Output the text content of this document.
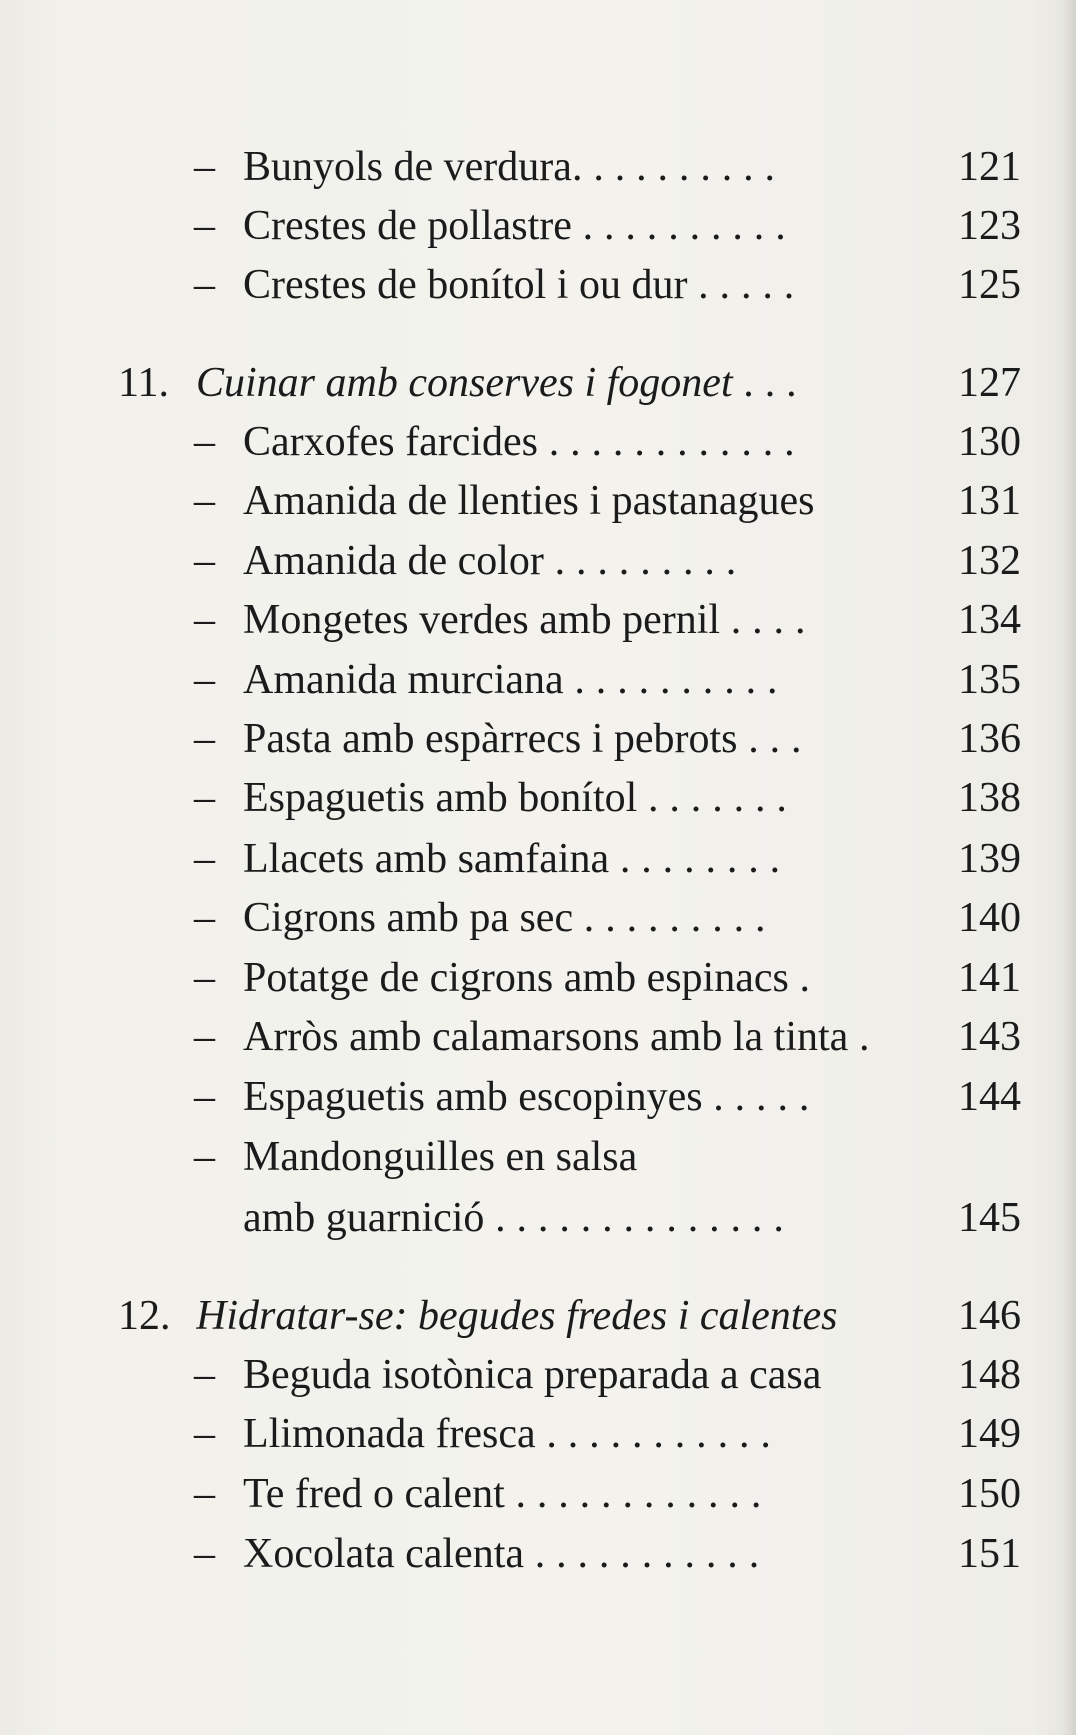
– Bunyols de verdura. . . . . . . . . .	121
– Crestes de pollastre . . . . . . . . . .	123
– Crestes de bonítol i ou dur . . . . .	125
11. Cuinar amb conserves i fogonet . . .	127
– Carxofes farcides . . . . . . . . . . . .	130
– Amanida de llenties i pastanagues	131
– Amanida de color . . . . . . . . .	132
– Mongetes verdes amb pernil . . . .	134
– Amanida murciana . . . . . . . . . .	135
– Pasta amb espàrrecs i pebrots . . .	136
– Espaguetis amb bonítol . . . . . . .	138
– Llacets amb samfaina . . . . . . . .	139
– Cigrons amb pa sec . . . . . . . . .	140
– Potatge de cigrons amb espinacs .	141
– Arròs amb calamarsons amb la tinta .	143
– Espaguetis amb escopinyes . . . . .	144
– Mandonguilles en salsa
amb guarnició . . . . . . . . . . . . . .	145
12. Hidratar-se: begudes fredes i calentes	146
– Beguda isotònica preparada a casa	148
– Llimonada fresca . . . . . . . . . . .	149
– Te fred o calent . . . . . . . . . . . .	150
– Xocolata calenta . . . . . . . . . . .	151
